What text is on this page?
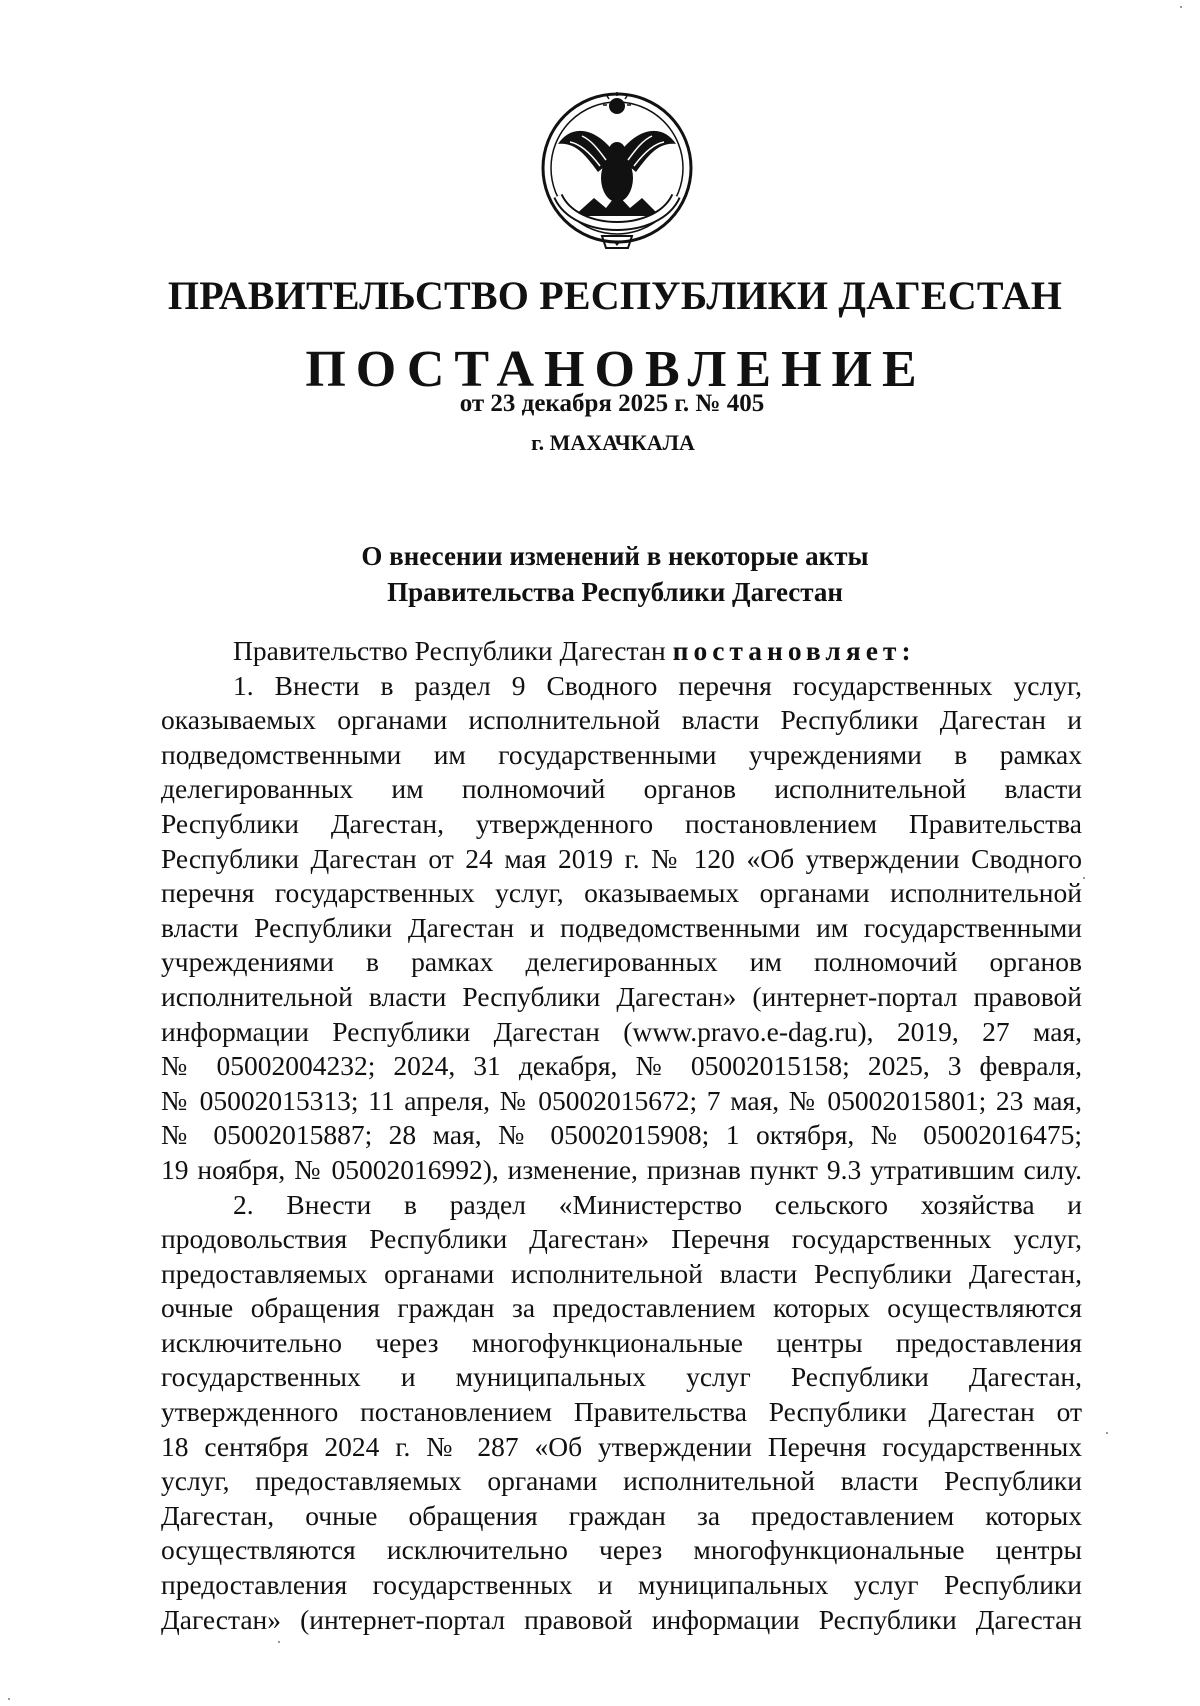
♦
ПРАВИТЕЛЬСТВО РЕСПУБЛИКИ ДАГЕСТАН
ПОСТАНОВЛЕНИЕ
от 23 декабря 2025 г. № 405
г. МАХАЧКАЛА
О внесении изменений в некоторые акты
Правительства Республики Дагестан
Правительство Республики Дагестан постановляет:
1. Внести в раздел 9 Сводного перечня государственных услуг,
оказываемых органами исполнительной власти Республики Дагестан и
подведомственными им государственными учреждениями в рамках
делегированных им полномочий органов исполнительной власти
Республики Дагестан, утвержденного постановлением Правительства
Республики Дагестан от 24 мая 2019 г. № 120 «Об утверждении Сводного
перечня государственных услуг, оказываемых органами исполнительной
власти Республики Дагестан и подведомственными им государственными
учреждениями в рамках делегированных им полномочий органов
исполнительной власти Республики Дагестан» (интернет-портал правовой
информации Республики Дагестан (www.pravo.e-dag.ru), 2019, 27 мая,
№ 05002004232; 2024, 31 декабря, № 05002015158; 2025, 3 февраля,
№ 05002015313; 11 апреля, № 05002015672; 7 мая, № 05002015801; 23 мая,
№ 05002015887; 28 мая, № 05002015908; 1 октября, № 05002016475;
19 ноября, № 05002016992), изменение, признав пункт 9.3 утратившим силу.
2. Внести в раздел «Министерство сельского хозяйства и
продовольствия Республики Дагестан» Перечня государственных услуг,
предоставляемых органами исполнительной власти Республики Дагестан,
очные обращения граждан за предоставлением которых осуществляются
исключительно через многофункциональные центры предоставления
государственных и муниципальных услуг Республики Дагестан,
утвержденного постановлением Правительства Республики Дагестан от
18 сентября 2024 г. № 287 «Об утверждении Перечня государственных
услуг, предоставляемых органами исполнительной власти Республики
Дагестан, очные обращения граждан за предоставлением которых
осуществляются исключительно через многофункциональные центры
предоставления государственных и муниципальных услуг Республики
Дагестан» (интернет-портал правовой информации Республики Дагестан
